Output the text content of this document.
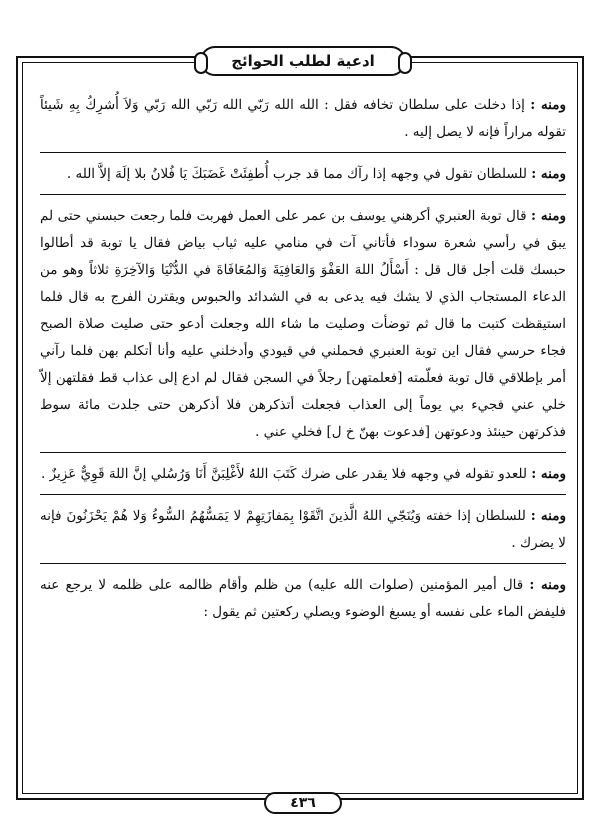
ادعية لطلب الحوائج

ومنه : إذا دخلت على سلطان تخافه فقل : الله الله رَبّي الله رَبّي الله رَبّي وَلاَ أُشرِكُ بِهِ شَيئاً تقوله مراراً فإنه لا يصل إليه .

ومنه : للسلطان تقول في وجهه إذا رآك مما قد جرب أُطفِئَتْ غَضَبَكَ يَا فُلانُ بلا إلَهَ إلاَّ الله .

ومنه : قال توبة العنبري أكرهني يوسف بن عمر على العمل فهربت فلما رجعت حبسني حتى لم يبق في رأسي شعرة سوداء فأتاني آت في منامي عليه ثياب بياض فقال يا توبة قد أطالوا حبسك قلت أجل قال قل : أَسْأَلُ اللهَ العَفْوَ وَالعَافِيَةَ وَالمُعَافَاةَ في الدُّنْيَا وَالآخِرَةِ ثلاثاً وهو من الدعاء المستجاب الذي لا يشك فيه يدعى به في الشدائد والحبوس ويقترن الفرج به قال فلما استيقظت كتبت ما قال ثم توضأت وصليت ما شاء الله وجعلت أدعو حتى صليت صلاة الصبح فجاء حرسي فقال اين توبة العنبري فحملني في قيودي وأدخلني عليه وأنا أتكلم بهن فلما رآني أمر بإطلاقي قال توبة فعلّمته [فعلمتهن] رجلاً في السجن فقال لم ادع إلى عذاب قط فقلتهن إلاّ خلي عني فجيء بي يوماً إلى العذاب فجعلت أتذكرهن فلا أذكرهن حتى جلدت مائة سوط فذكرتهن حينئذ ودعوتهن [فدعوت بهنّ خ ل] فخلي عني .

ومنه : للعدو تقوله في وجهه فلا يقدر على ضرك كَتَبَ اللهُ لأَغْلِبَنَّ أَنَا وَرُسُلي إنَّ اللهَ قَوِيٌّ عَزِيزٌ .

ومنه : للسلطان إذا خفته وَيُنَجّي اللهُ الَّذينَ اتَّقَوْا بِمَفازَتِهِمْ لا يَمَسُّهُمُ السُّوءُ وَلا هُمْ يَحْزَنُونَ فإنه لا يضرك .

ومنه : قال أمير المؤمنين (صلوات الله عليه) من ظلم وأقام ظالمه على ظلمه لا يرجع عنه فليفض الماء على نفسه أو يسبغ الوضوء ويصلي ركعتين ثم يقول :

٤٣٦
